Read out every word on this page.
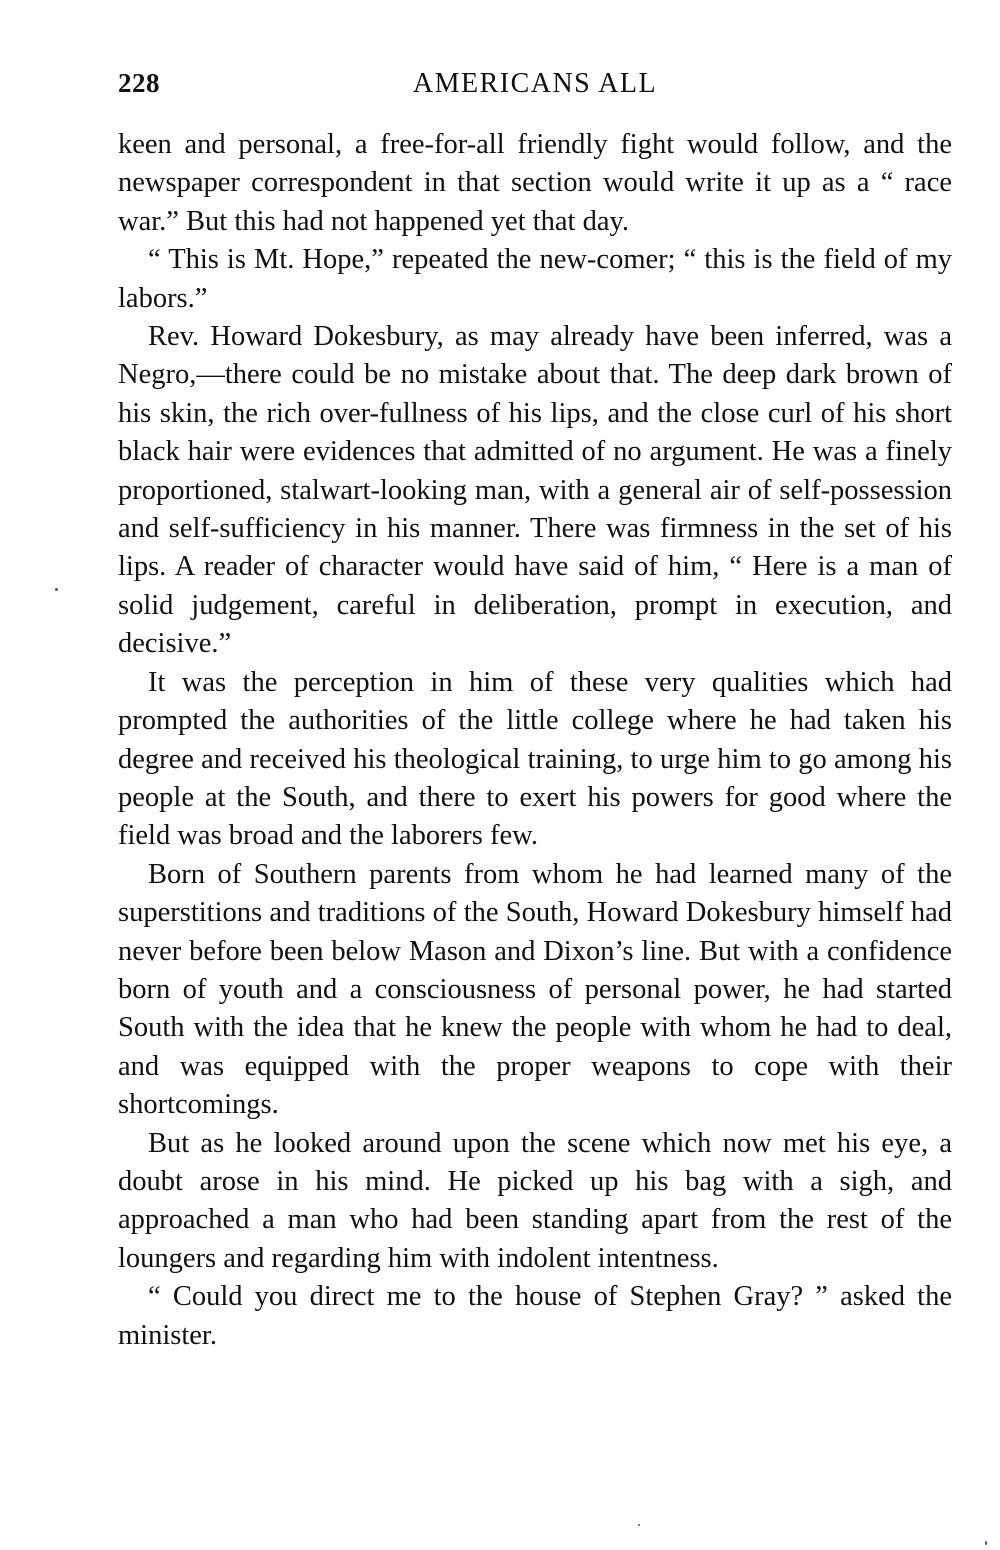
228	AMERICANS ALL

keen and personal, a free-for-all friendly fight would follow, and the newspaper correspondent in that section would write it up as a “ race war.” But this had not happened yet that day.

“ This is Mt. Hope,” repeated the new-comer; “ this is the field of my labors.”

Rev. Howard Dokesbury, as may already have been inferred, was a Negro,—there could be no mistake about that. The deep dark brown of his skin, the rich over-fullness of his lips, and the close curl of his short black hair were evidences that admitted of no argument. He was a finely proportioned, stalwart-looking man, with a general air of self-possession and self-sufficiency in his manner. There was firmness in the set of his lips. A reader of character would have said of him, “ Here is a man of solid judgement, careful in deliberation, prompt in execution, and decisive.”

It was the perception in him of these very qualities which had prompted the authorities of the little college where he had taken his degree and received his theological training, to urge him to go among his people at the South, and there to exert his powers for good where the field was broad and the laborers few.

Born of Southern parents from whom he had learned many of the superstitions and traditions of the South, Howard Dokesbury himself had never before been below Mason and Dixon’s line. But with a confidence born of youth and a consciousness of personal power, he had started South with the idea that he knew the people with whom he had to deal, and was equipped with the proper weapons to cope with their shortcomings.

But as he looked around upon the scene which now met his eye, a doubt arose in his mind. He picked up his bag with a sigh, and approached a man who had been standing apart from the rest of the loungers and regarding him with indolent intentness.

“ Could you direct me to the house of Stephen Gray? ” asked the minister.
